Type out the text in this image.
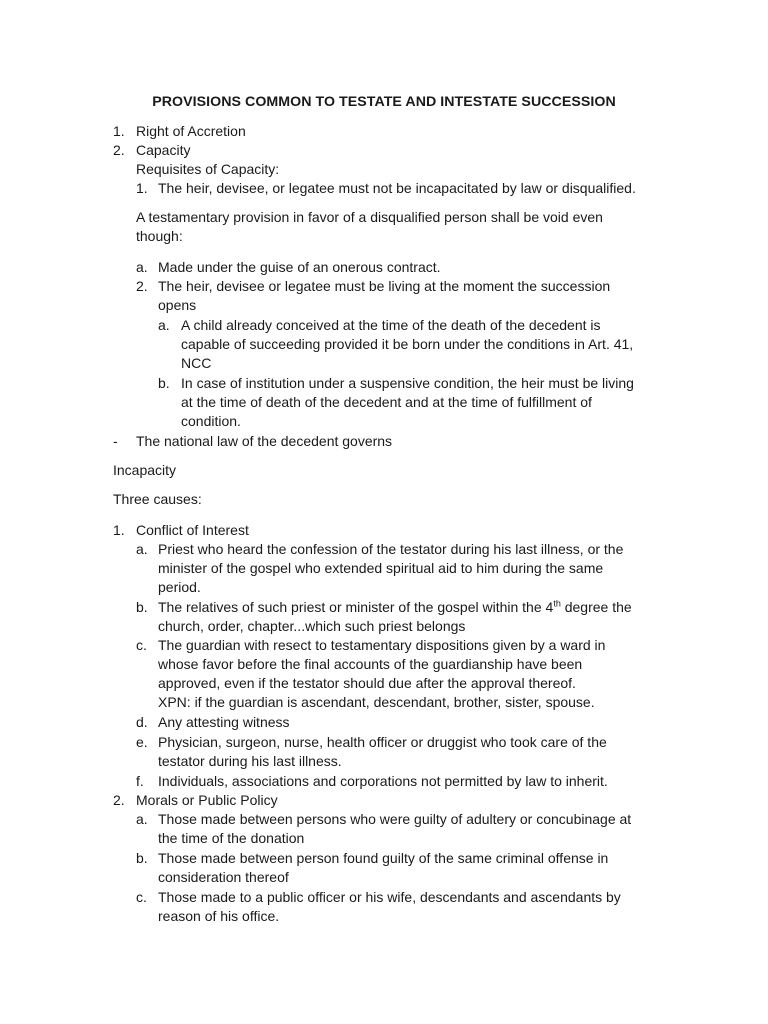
PROVISIONS COMMON TO TESTATE AND INTESTATE SUCCESSION
1. Right of Accretion
2. Capacity
Requisites of Capacity:
1. The heir, devisee, or legatee must not be incapacitated by law or disqualified.
A testamentary provision in favor of a disqualified person shall be void even
though:
a. Made under the guise of an onerous contract.
2. The heir, devisee or legatee must be living at the moment the succession
opens
a. A child already conceived at the time of the death of the decedent is
capable of succeeding provided it be born under the conditions in Art. 41,
NCC
b. In case of institution under a suspensive condition, the heir must be living
at the time of death of the decedent and at the time of fulfillment of
condition.
- The national law of the decedent governs
Incapacity
Three causes:
1. Conflict of Interest
a. Priest who heard the confession of the testator during his last illness, or the
minister of the gospel who extended spiritual aid to him during the same
period.
b. The relatives of such priest or minister of the gospel within the 4th degree the
church, order, chapter...which such priest belongs
c. The guardian with resect to testamentary dispositions given by a ward in
whose favor before the final accounts of the guardianship have been
approved, even if the testator should due after the approval thereof.
XPN: if the guardian is ascendant, descendant, brother, sister, spouse.
d. Any attesting witness
e. Physician, surgeon, nurse, health officer or druggist who took care of the
testator during his last illness.
f. Individuals, associations and corporations not permitted by law to inherit.
2. Morals or Public Policy
a. Those made between persons who were guilty of adultery or concubinage at
the time of the donation
b. Those made between person found guilty of the same criminal offense in
consideration thereof
c. Those made to a public officer or his wife, descendants and ascendants by
reason of his office.
